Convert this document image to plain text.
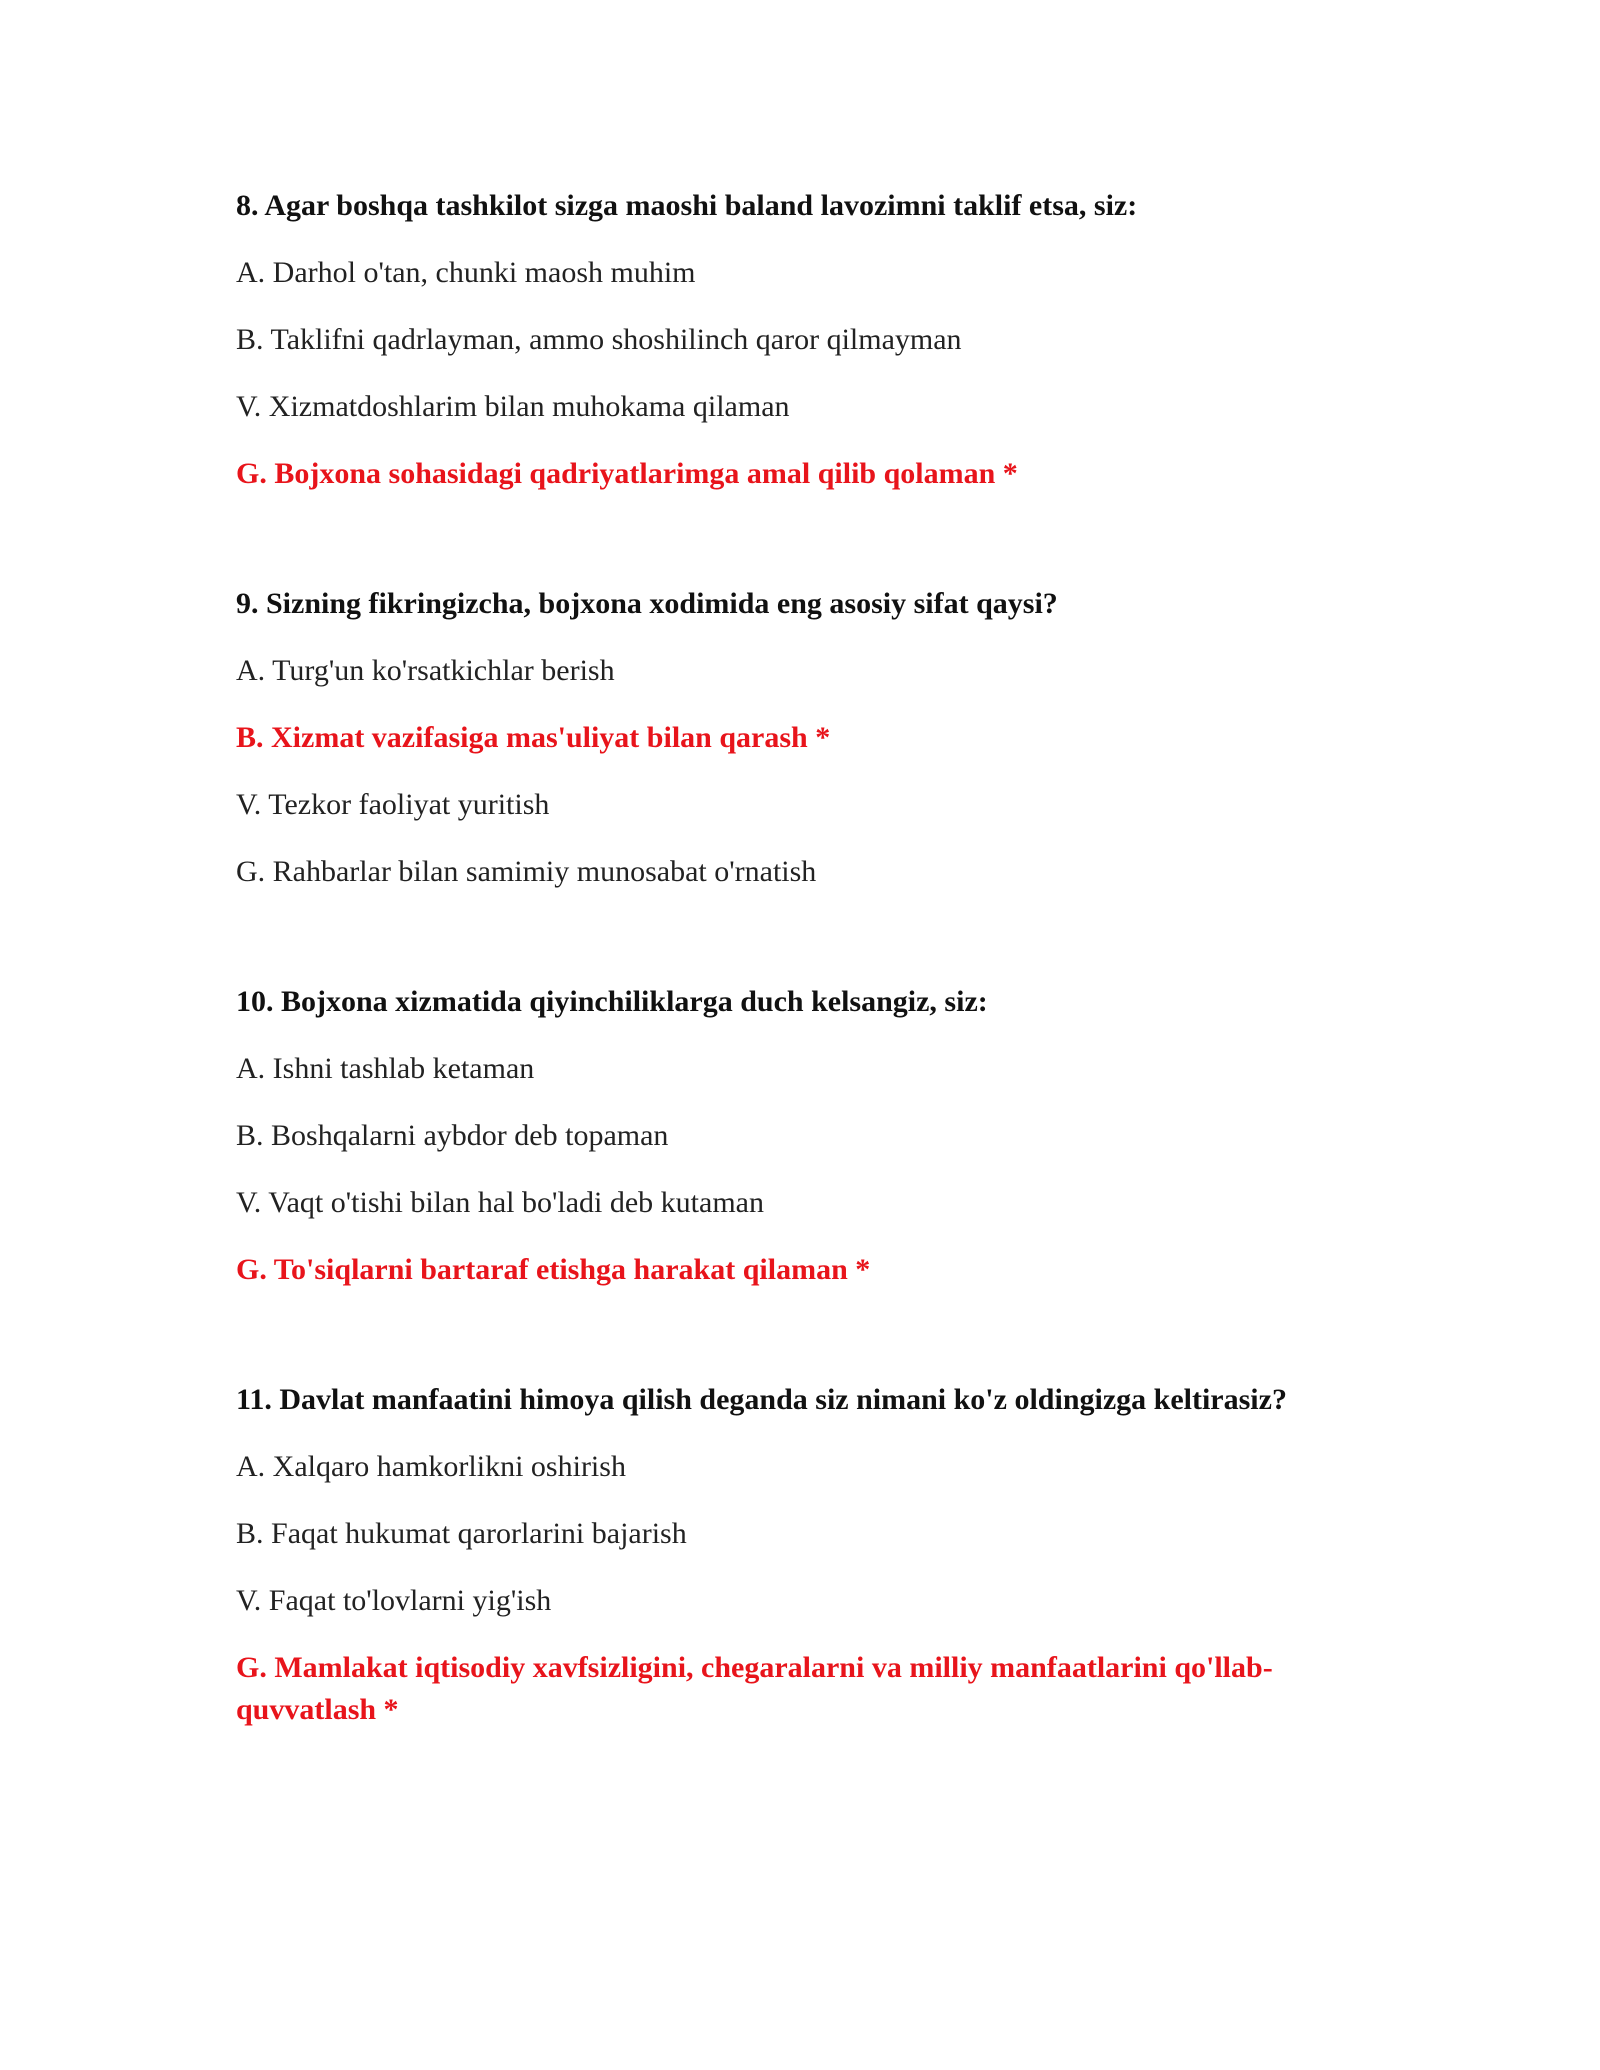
8. Agar boshqa tashkilot sizga maoshi baland lavozimni taklif etsa, siz:

A. Darhol o'tan, chunki maosh muhim

B. Taklifni qadrlayman, ammo shoshilinch qaror qilmayman

V. Xizmatdoshlarim bilan muhokama qilaman

G. Bojxona sohasidagi qadriyatlarimga amal qilib qolaman *

9. Sizning fikringizcha, bojxona xodimida eng asosiy sifat qaysi?

A. Turg'un ko'rsatkichlar berish

B. Xizmat vazifasiga mas'uliyat bilan qarash *

V. Tezkor faoliyat yuritish

G. Rahbarlar bilan samimiy munosabat o'rnatish

10. Bojxona xizmatida qiyinchiliklarga duch kelsangiz, siz:

A. Ishni tashlab ketaman

B. Boshqalarni aybdor deb topaman

V. Vaqt o'tishi bilan hal bo'ladi deb kutaman

G. To'siqlarni bartaraf etishga harakat qilaman *

11. Davlat manfaatini himoya qilish deganda siz nimani ko'z oldingizga keltirasiz?

A. Xalqaro hamkorlikni oshirish

B. Faqat hukumat qarorlarini bajarish

V. Faqat to'lovlarni yig'ish

G. Mamlakat iqtisodiy xavfsizligini, chegaralarni va milliy manfaatlarini qo'llab-quvvatlash *
